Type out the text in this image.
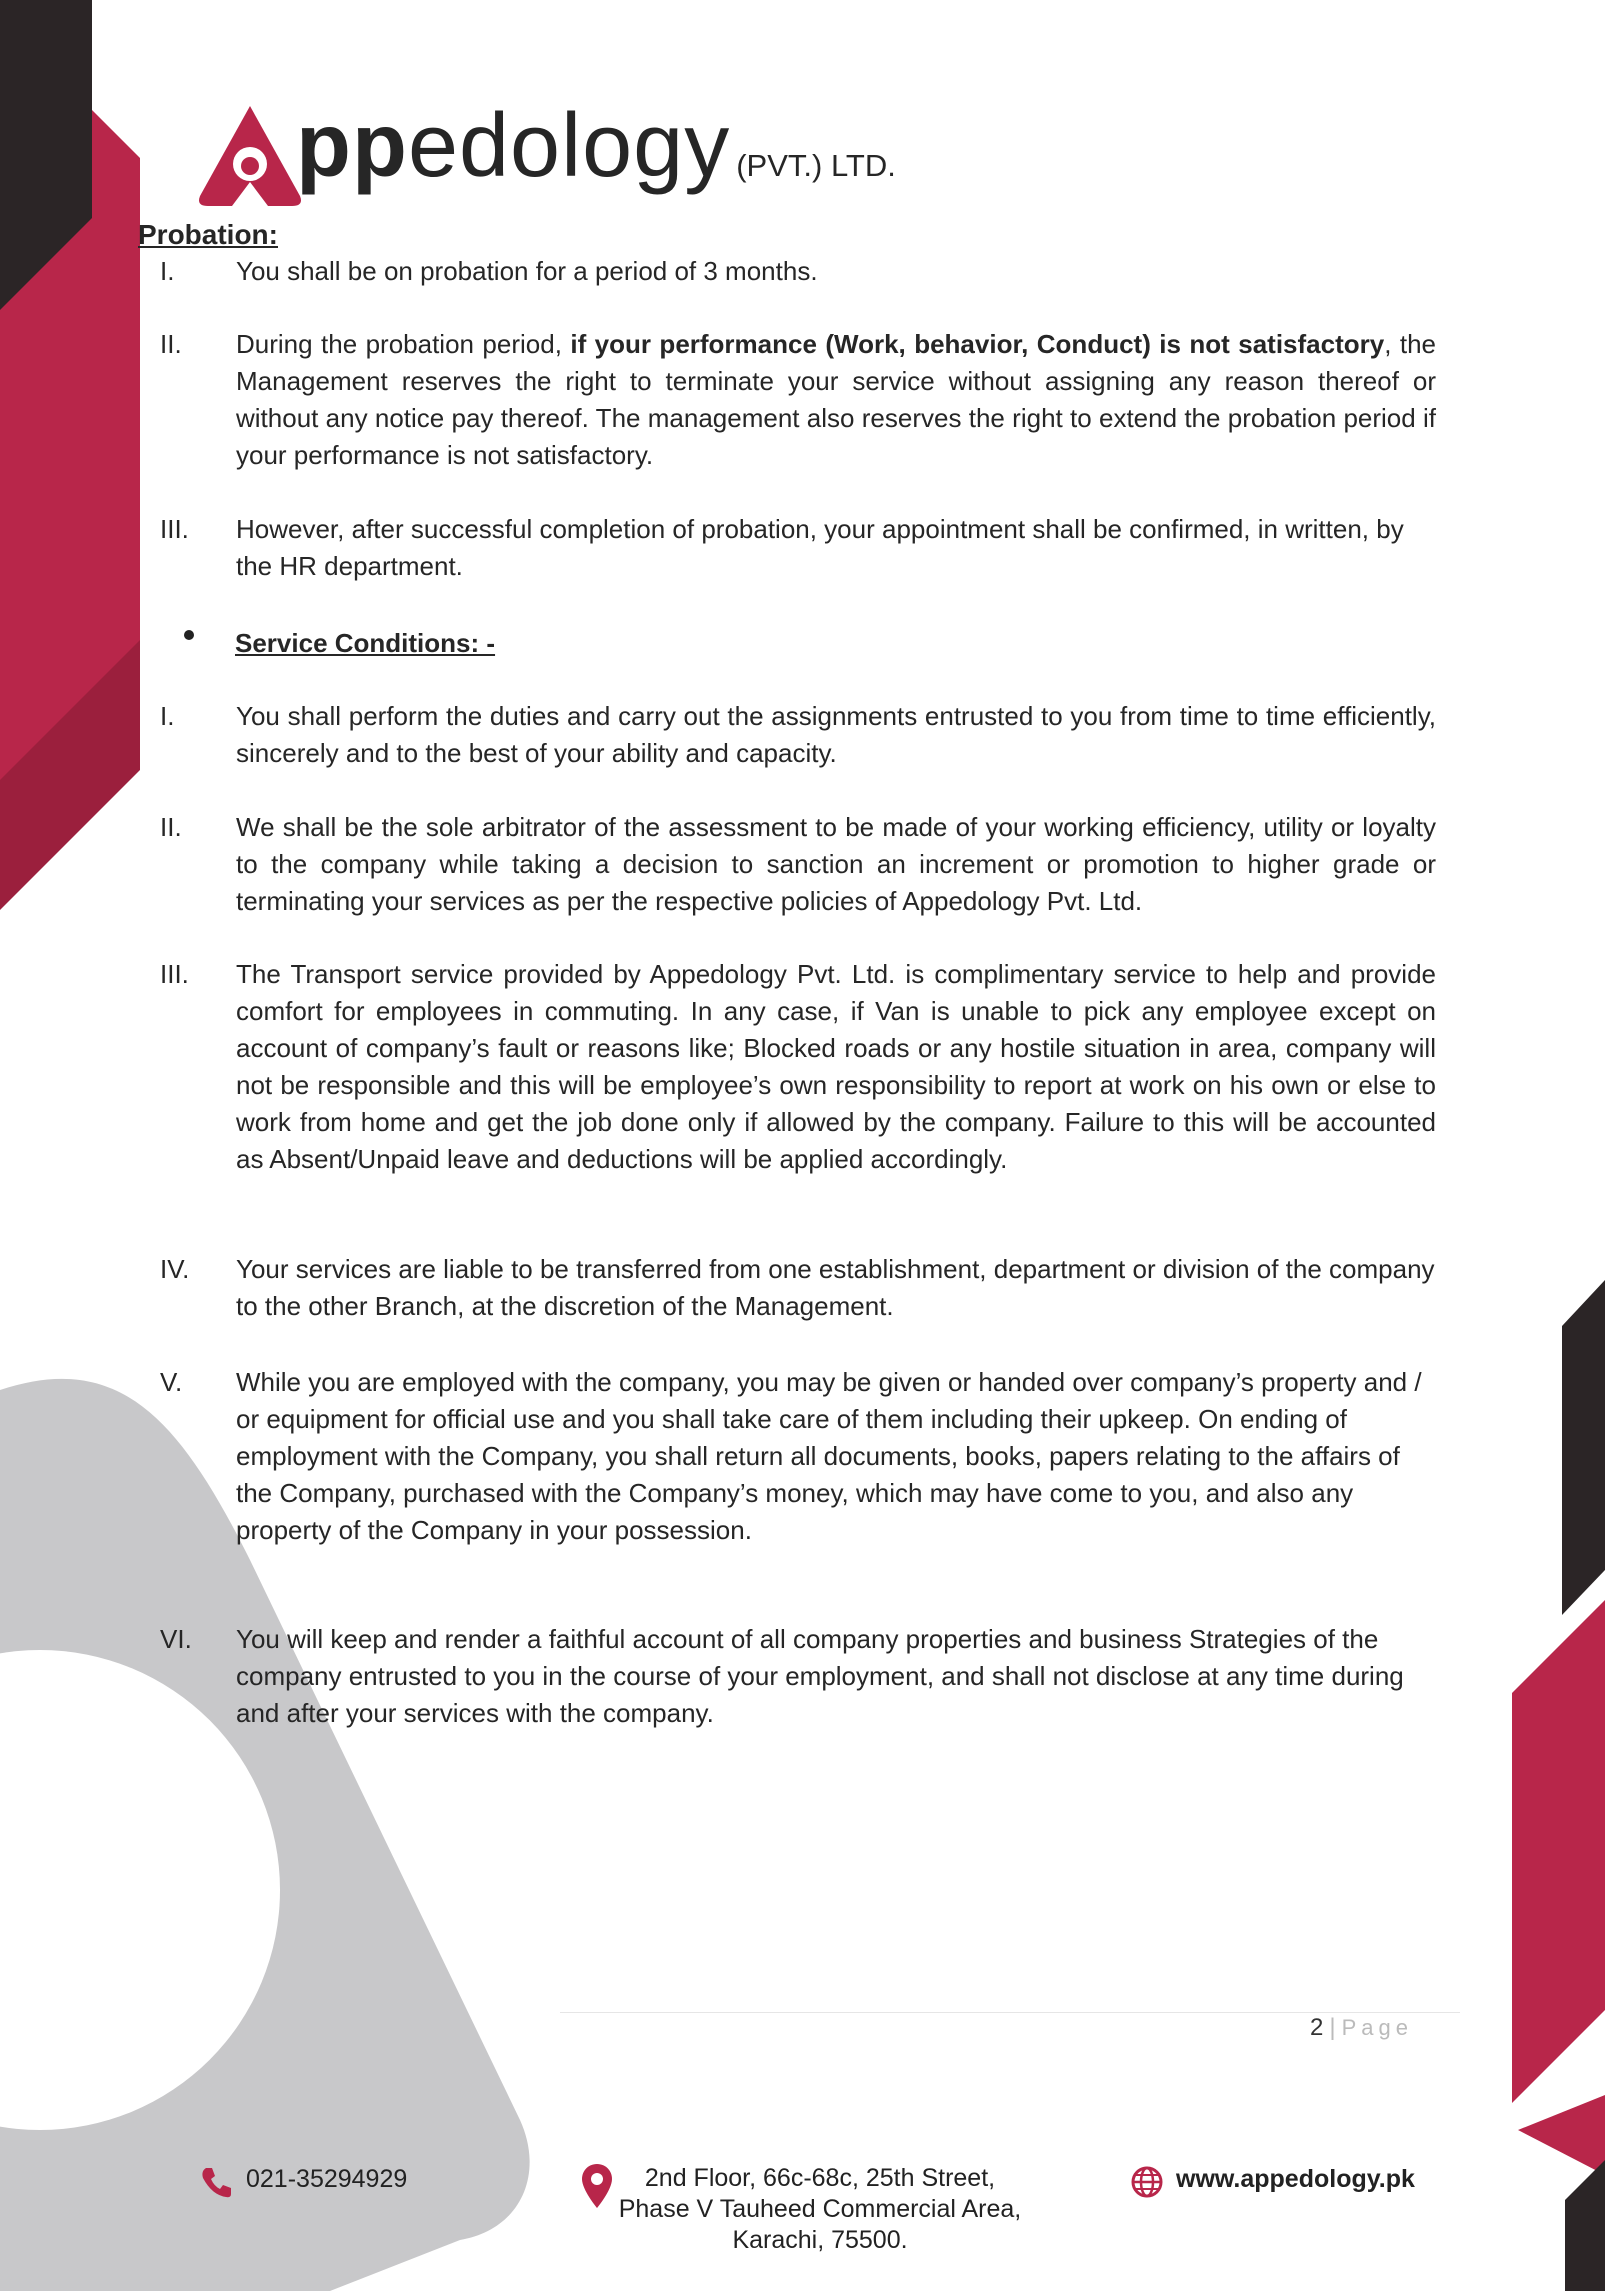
ppedology (PVT.) LTD.
Probation:
I.	You shall be on probation for a period of 3 months.
II.	During the probation period, if your performance (Work, behavior, Conduct) is not satisfactory, the Management reserves the right to terminate your service without assigning any reason thereof or without any notice pay thereof. The management also reserves the right to extend the probation period if your performance is not satisfactory.
III.	However, after successful completion of probation, your appointment shall be confirmed, in written, by the HR department.
Service Conditions: -
I.	You shall perform the duties and carry out the assignments entrusted to you from time to time efficiently, sincerely and to the best of your ability and capacity.
II.	We shall be the sole arbitrator of the assessment to be made of your working efficiency, utility or loyalty to the company while taking a decision to sanction an increment or promotion to higher grade or terminating your services as per the respective policies of Appedology Pvt. Ltd.
III.	The Transport service provided by Appedology Pvt. Ltd. is complimentary service to help and provide comfort for employees in commuting. In any case, if Van is unable to pick any employee except on account of company’s fault or reasons like; Blocked roads or any hostile situation in area, company will not be responsible and this will be employee’s own responsibility to report at work on his own or else to work from home and get the job done only if allowed by the company. Failure to this will be accounted as Absent/Unpaid leave and deductions will be applied accordingly.
IV.	Your services are liable to be transferred from one establishment, department or division of the company to the other Branch, at the discretion of the Management.
V.	While you are employed with the company, you may be given or handed over company’s property and / or equipment for official use and you shall take care of them including their upkeep. On ending of employment with the Company, you shall return all documents, books, papers relating to the affairs of the Company, purchased with the Company’s money, which may have come to you, and also any property of the Company in your possession.
VI.	You will keep and render a faithful account of all company properties and business Strategies of the company entrusted to you in the course of your employment, and shall not disclose at any time during and after your services with the company.
2 | Page
021-35294929	2nd Floor, 66c-68c, 25th Street,
Phase V Tauheed Commercial Area,
Karachi, 75500.
www.appedology.pk
